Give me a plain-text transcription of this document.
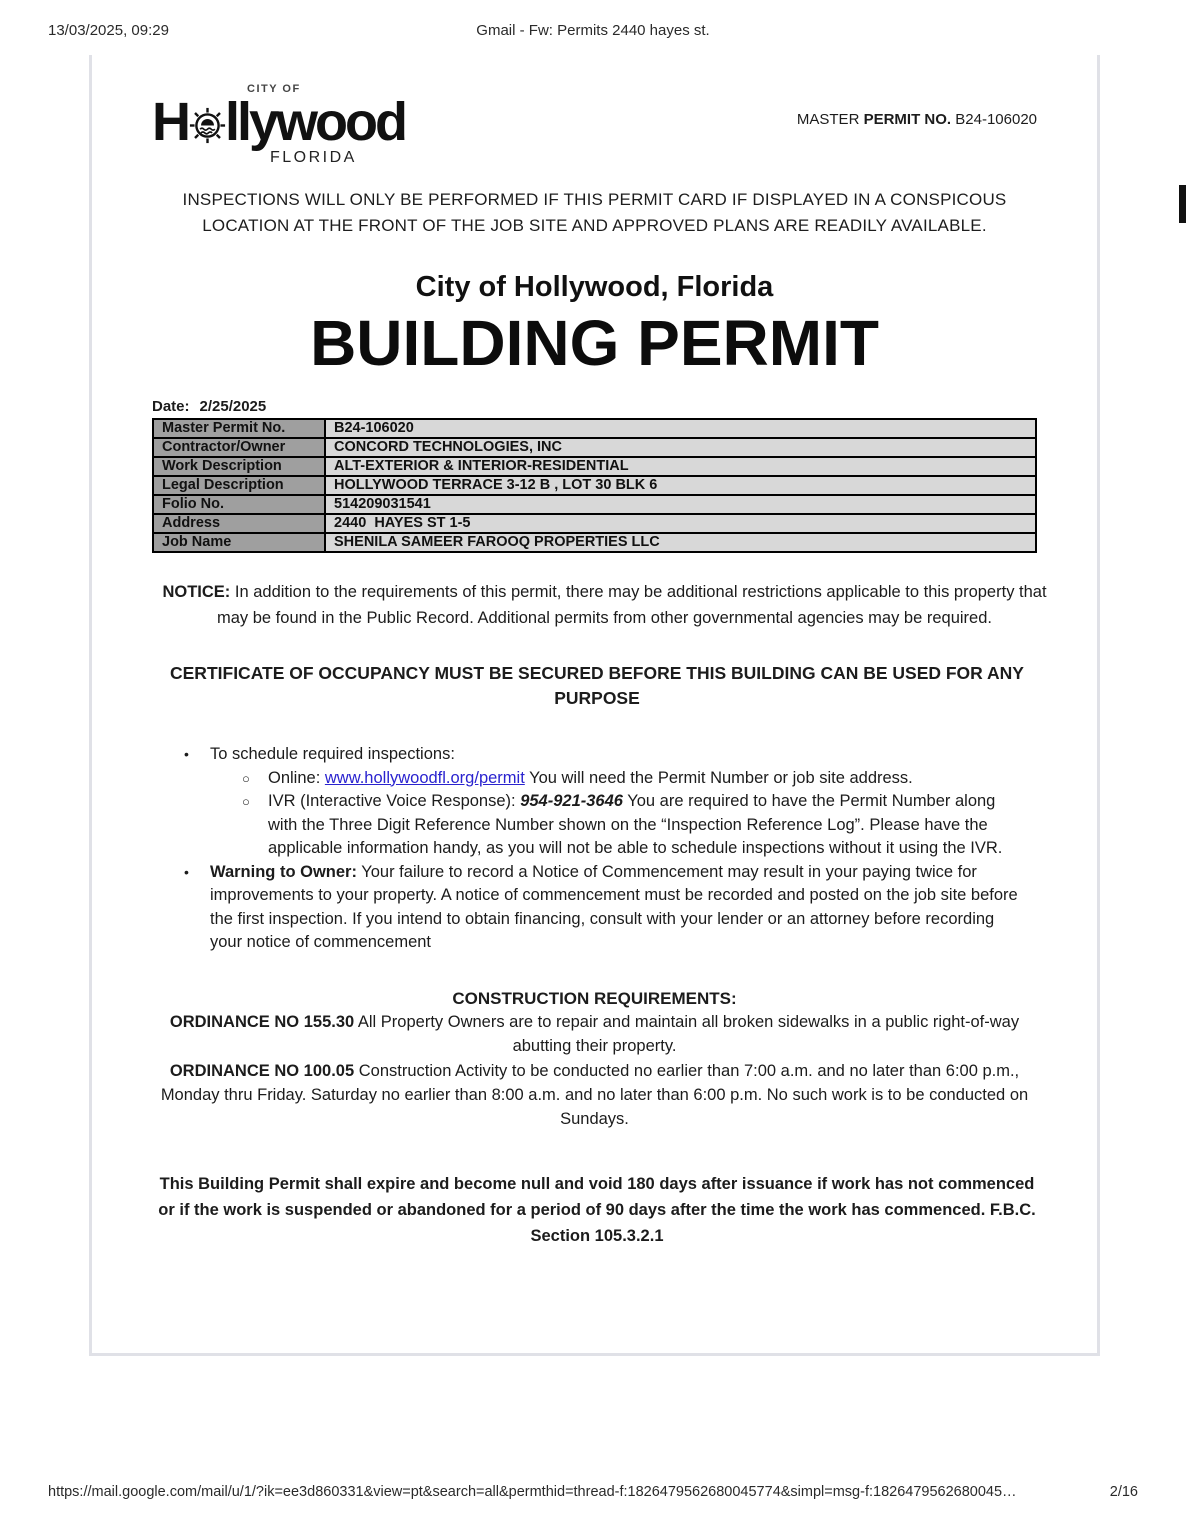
13/03/2025, 09:29	Gmail - Fw: Permits 2440 hayes st.
CITY OF
H llywood
FLORIDA
MASTER PERMIT NO. B24-106020
INSPECTIONS WILL ONLY BE PERFORMED IF THIS PERMIT CARD IF DISPLAYED IN A CONSPICOUS LOCATION AT THE FRONT OF THE JOB SITE AND APPROVED PLANS ARE READILY AVAILABLE.
City of Hollywood, Florida
BUILDING PERMIT
Date: 2/25/2025
Master Permit No.	B24-106020
Contractor/Owner	CONCORD TECHNOLOGIES, INC
Work Description	ALT-EXTERIOR & INTERIOR-RESIDENTIAL
Legal Description	HOLLYWOOD TERRACE 3-12 B , LOT 30 BLK 6
Folio No.	514209031541
Address	2440  HAYES ST 1-5
Job Name	SHENILA SAMEER FAROOQ PROPERTIES LLC
NOTICE: In addition to the requirements of this permit, there may be additional restrictions applicable to this property that may be found in the Public Record. Additional permits from other governmental agencies may be required.
CERTIFICATE OF OCCUPANCY MUST BE SECURED BEFORE THIS BUILDING CAN BE USED FOR ANY PURPOSE
•	To schedule required inspections:
○	Online: www.hollywoodfl.org/permit You will need the Permit Number or job site address.
○	IVR (Interactive Voice Response): 954-921-3646 You are required to have the Permit Number along with the Three Digit Reference Number shown on the “Inspection Reference Log”. Please have the applicable information handy, as you will not be able to schedule inspections without it using the IVR.
•	Warning to Owner: Your failure to record a Notice of Commencement may result in your paying twice for improvements to your property. A notice of commencement must be recorded and posted on the job site before the first inspection. If you intend to obtain financing, consult with your lender or an attorney before recording your notice of commencement
CONSTRUCTION REQUIREMENTS:
ORDINANCE NO 155.30 All Property Owners are to repair and maintain all broken sidewalks in a public right-of-way abutting their property.
ORDINANCE NO 100.05 Construction Activity to be conducted no earlier than 7:00 a.m. and no later than 6:00 p.m., Monday thru Friday. Saturday no earlier than 8:00 a.m. and no later than 6:00 p.m. No such work is to be conducted on Sundays.
This Building Permit shall expire and become null and void 180 days after issuance if work has not commenced or if the work is suspended or abandoned for a period of 90 days after the time the work has commenced. F.B.C. Section 105.3.2.1
https://mail.google.com/mail/u/1/?ik=ee3d860331&view=pt&search=all&permthid=thread-f:1826479562680045774&simpl=msg-f:1826479562680045…	2/16
